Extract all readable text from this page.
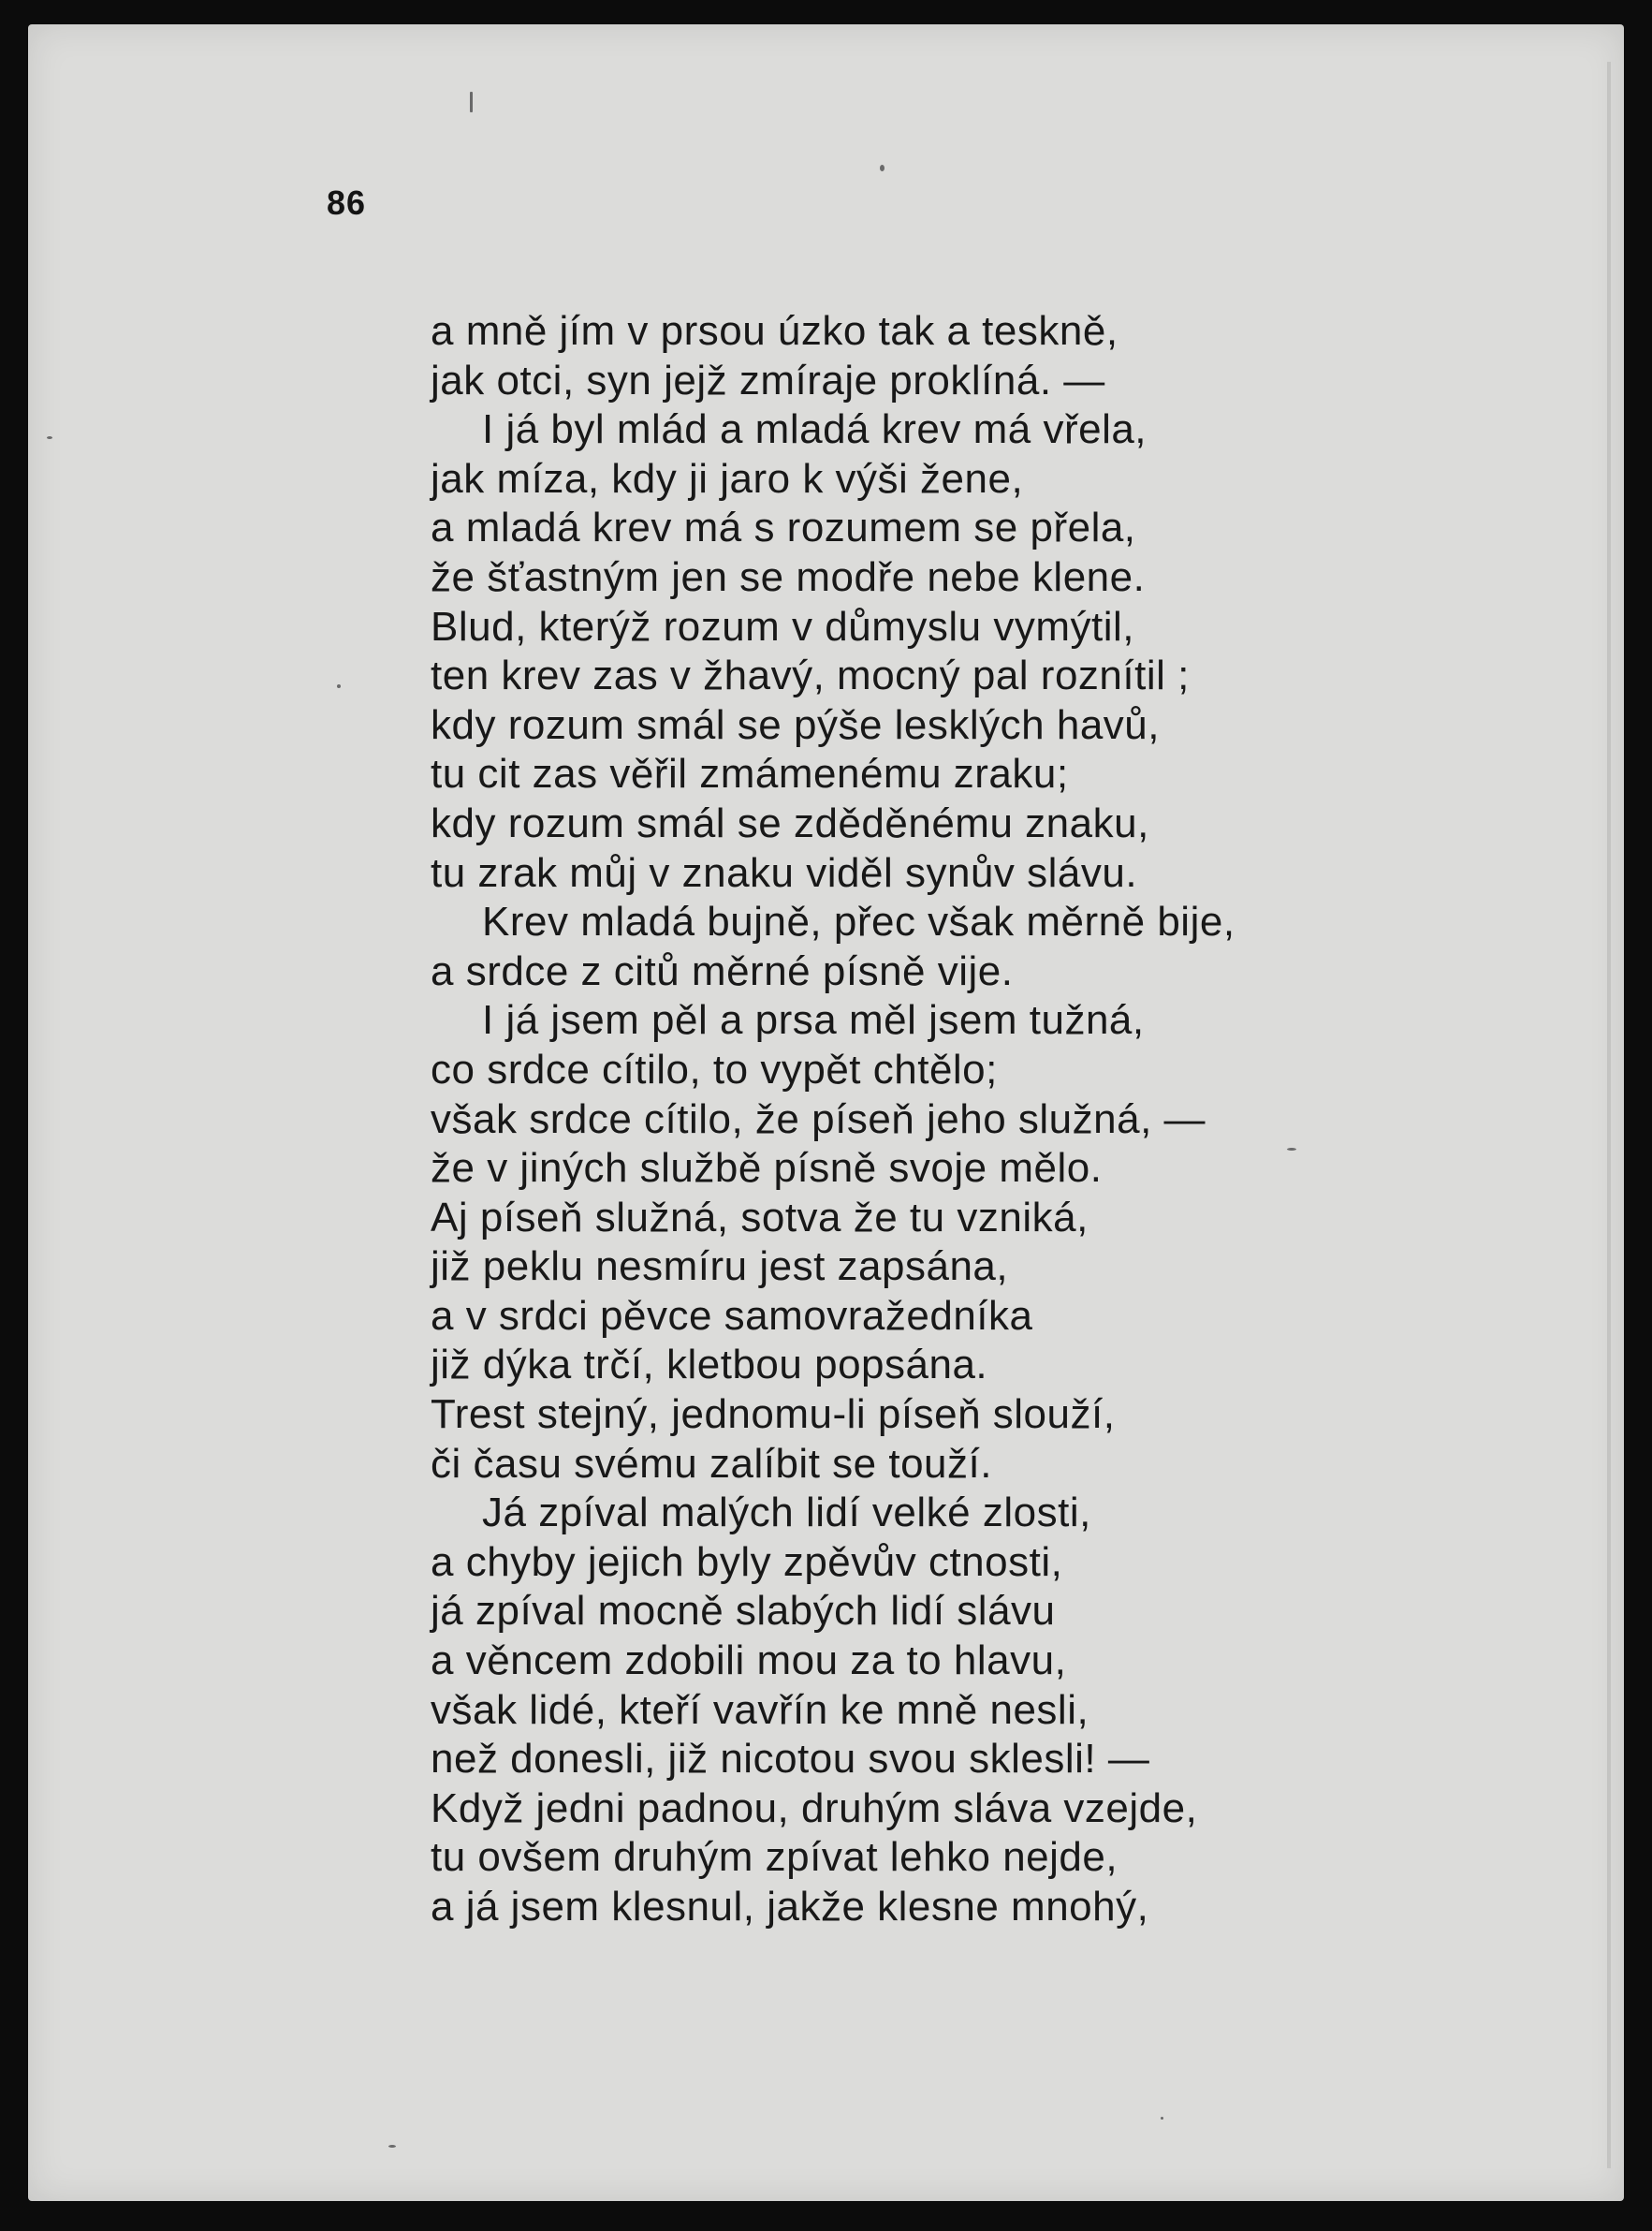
86
a mně jím v prsou úzko tak a teskně,
jak otci, syn jejž zmíraje proklíná. —
I já byl mlád a mladá krev má vřela,
jak míza, kdy ji jaro k výši žene,
a mladá krev má s rozumem se přela,
že šťastným jen se modře nebe klene.
Blud, kterýž rozum v důmyslu vymýtil,
ten krev zas v žhavý, mocný pal roznítil ;
kdy rozum smál se pýše lesklých havů,
tu cit zas věřil zmámenému zraku;
kdy rozum smál se zděděnému znaku,
tu zrak můj v znaku viděl synův slávu.
Krev mladá bujně, přec však měrně bije,
a srdce z citů měrné písně vije.
I já jsem pěl a prsa měl jsem tužná,
co srdce cítilo, to vypět chtělo;
však srdce cítilo, že píseň jeho služná, —
že v jiných službě písně svoje mělo.
Aj píseň služná, sotva že tu vzniká,
již peklu nesmíru jest zapsána,
a v srdci pěvce samovražedníka
již dýka trčí, kletbou popsána.
Trest stejný, jednomu-li píseň slouží,
či času svému zalíbit se touží.
Já zpíval malých lidí velké zlosti,
a chyby jejich byly zpěvův ctnosti,
já zpíval mocně slabých lidí slávu
a věncem zdobili mou za to hlavu,
však lidé, kteří vavřín ke mně nesli,
než donesli, již nicotou svou sklesli! —
Když jedni padnou, druhým sláva vzejde,
tu ovšem druhým zpívat lehko nejde,
a já jsem klesnul, jakže klesne mnohý,
